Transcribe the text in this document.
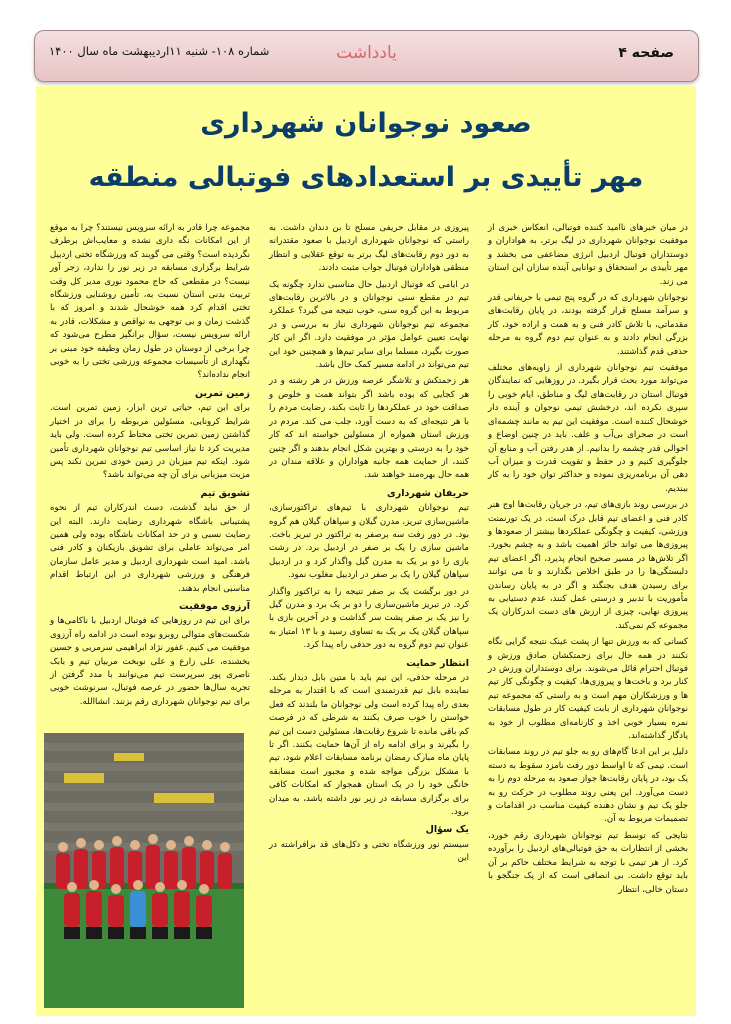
صفحه ۴
یادداشت
شماره ۱۰۸- شنبه ۱۱اردیبهشت ماه سال ۱۴۰۰
صعود نوجوانان شهرداری
مهر تأییدی بر استعدادهای فوتبالی منطقه

در میان خبرهای ناامید کننده فوتبالی، انعکاس خبری از موفقیت نوجوانان شهرداری در لیگ برتر، به هواداران و دوستداران فوتبال اردبیل انرژی مضاعفی می بخشد و مهر تأییدی بر استحقاق و توانایی آینده سازان این استان می زند.

نوجوانان شهرداری که در گروه پنج تیمی با حریفانی قدر و سرآمد مسلح قرار گرفته بودند، در پایان رقابت‌های مقدماتی، با تلاش کادر فنی و به همت و اراده خود، کار بزرگی انجام دادند و به عنوان تیم دوم گروه به مرحله حذفی قدم گذاشتند.

موفقیت تیم نوجوانان شهرداری از زاویه‌های مختلف می‌تواند مورد بحث قرار بگیرد. در روزهایی که نمایندگان فوتبال استان در رقابت‌های لیگ و مناطق، ایام خوبی را سپری نکرده اند، درخشش تیمی نوجوان و آینده دار خوشحال کننده است. موفقیت این تیم به مانند چشمه‌ای است در صحرای بی‌آب و علف. باید در چنین اوضاع و احوالی قدر چشمه را بدانیم. از هدر رفتن آب و منابع آن جلوگیری کنیم و در حفظ و تقویت قدرت و میزان آب دهی آن برنامه‌ریزی نموده و حداکثر توان خود را به کار ببندیم.

در بررسی روند بازی‌های تیم، در جریان رقابت‌ها اوج هنر کادر فنی و اعضای تیم قابل درک است. در یک تورنمنت ورزشی، کیفیت و چگونگی عملکردها بیشتر از صعودها و پیروزی‌ها می تواند حائز اهمیت باشد و به چشم بخورد. اگر تلاش‌ها در مسیر صحیح انجام پذیرد، اگر اعضای تیم دلبستگی‌ها را در طبق اخلاص بگذارند و تا می توانند برای رسیدن هدف بجنگند و اگر در به پایان رساندن مأموریت با تدبیر و درستی عمل کنند، عدم دستیابی به پیروزی نهایی، چیزی از ارزش های دست اندرکاران یک مجموعه کم نمی‌کند.

کسانی که به ورزش تنها از پشت عینک نتیجه گرایی نگاه نکنند در همه حال برای زحمتکشان صادق ورزش و فوتبال احترام قائل می‌شوند. برای دوستداران ورزش در کنار برد و باخت‌ها و پیروزی‌ها، کیفیت و چگونگی کار تیم ها و ورزشکاران مهم است و به راستی که مجموعه تیم نوجوانان شهرداری از بابت کیفیت کار در طول مسابقات نمره بسیار خوبی اخذ و کارنامه‌ای مطلوب از خود به یادگار گذاشته‌اند.

دلیل بر این ادعا گام‌های رو به جلو تیم در روند مسابقات است. تیمی که تا اواسط دور رفت نامزد سقوط به دسته یک بود، در پایان رقابت‌ها جواز صعود به مرحله دوم را به دست می‌آورد. این یعنی روند مطلوب در حرکت رو به جلو یک تیم و نشان دهنده کیفیت مناسب در اقدامات و تصمیمات مربوط به آن.

نتایجی که توسط تیم نوجوانان شهرداری رقم خورد، بخشی از انتظارات به حق فوتبالی‌های اردبیل را برآورده کرد. از هر تیمی با توجه به شرایط مختلف حاکم بر آن باید توقع داشت. بی انصافی است که از یک جنگجو با دستان خالی، انتظار

پیروزی در مقابل حریفی مسلح تا بن دندان داشت. به راستی که نوجوانان شهرداری اردبیل با صعود مقتدرانه به دور دوم رقابت‌های لیگ برتر به توقع عقلایی و انتظار منطقی هواداران فوتبال جواب مثبت دادند.

در ایامی که فوتبال اردبیل حال مناسبی ندارد چگونه یک تیم در مقطع سنی نوجوانان و در بالاترین رقابت‌های مربوط به این گروه سنی، خوب نتیجه می گیرد؟ عملکرد مجموعه تیم نوجوانان شهرداری نیاز به بررسی و در نهایت تعیین عوامل مؤثر در موفقیت دارد. اگر این کار صورت بگیرد، مسلما برای سایر تیم‌ها و همچنین خود این تیم می‌تواند در ادامه مسیر کمک حال باشد.

هر زحمتکش و تلاشگر عرصه ورزش در هر رشته و در هر کجایی که بوده باشد اگر بتواند همت و خلوص و صداقت خود در عملکردها را ثابت بکند، رضایت مردم را با هر نتیجه‌ای که به دست آورد، جلب می کند. مردم در ورزش استان همواره از مسئولین خواسته اند که کار خود را به درستی و بهترین شکل انجام بدهند و اگر چنین کنند، از حمایت همه جانبه هواداران و علاقه مندان در همه حال بهره‌مند خواهند شد.

حریفان شهرداری

تیم نوجوانان شهرداری با تیم‌های تراکتورسازی، ماشین‌سازی تبریز، مدرن گیلان و سپاهان گیلان هم گروه بود. در دور رفت سه برصفر به تراکتور در تبریز باخت. ماشین سازی را یک بر صفر در اردبیل برد. در رشت بازی را دو بر یک به مدرن گیل واگذار کرد و در اردبیل سپاهان گیلان را یک بر صفر در اردبیل مغلوب نمود.

در دور برگشت یک بر صفر نتیجه را به تراکتور واگذار کرد. در تبریز ماشین‌سازی را دو بر یک برد و مدرن گیل را نیز یک بر صفر پشت سر گذاشت و در آخرین بازی با سپاهان گیلان یک بر یک به تساوی رسید و با ۱۳ امتیاز به عنوان تیم دوم گروه به دور حذفی راه پیدا کرد.

انتظار حمایت

در مرحله حذفی، این تیم باید با متین بابل دیدار بکند. نماینده بابل تیم قدرتمندی است که با اقتدار به مرحله بعدی راه پیدا کرده است ولی نوجوانان ما بلندند که فعل خواستن را خوب صرف بکنند به شرطی که در فرصت کم باقی مانده تا شروع رقابت‌ها، مسئولین دست این تیم را بگیرند و برای ادامه راه از آن‌ها حمایت بکنند. اگر تا پایان ماه مبارک رمضان برنامه مسابقات اعلام شود، تیم با مشکل بزرگی مواجه شده و مجبور است مسابقه خانگی خود را در یک استان همجوار که امکانات کافی برای برگزاری مسابقه در زیر نور داشته باشد، به میدان برود.

یک سؤال

سیستم نور ورزشگاه تختی و دکل‌های قد برافراشته در این

مجموعه چرا قادر به ارائه سرویس نیستند؟ چرا به موقع از این امکانات نگه داری نشده و معایب‌اش برطرف نگردیده است؟ وقتی می گویند که ورزشگاه تختی اردبیل شرایط برگزاری مسابقه در زیر نور را ندارد، زجر آور نیست؟ در مقطعی که حاج محمود نوری مدیر کل وقت تربیت بدنی استان نسبت به، تأمین روشنایی ورزشگاه تختی اقدام کرد همه خوشحال شدند و امروز که با گذشت زمان و بی توجهی به نواقص و مشکلات، قادر به ارائه سرویس نیست، سؤال برانگیز مطرح می‌شود که چرا برخی از دوستان در طول زمان وظیفه خود مبنی بر نگهداری از تأسیسات مجموعه ورزشی تختی را به خوبی انجام نداده‌اند؟

زمین تمرین

برای این تیم، حیاتی ترین ابزار، زمین تمرین است. شرایط کرونایی، مسئولین مربوطه را برای در اختیار گذاشتن زمین تمرین تختی محتاط کرده است. ولی باید مدیریت کرد تا نیاز اساسی تیم نوجوانان شهرداری تأمین شود. اینکه تیم میزبان در زمین خودی تمرین نکند پس مزیت میزبانی برای آن چه می‌تواند باشد؟

تشویق تیم

از حق نباید گذشت، دست اندرکاران تیم از نحوه پشتیبانی باشگاه شهرداری رضایت دارند. البته این رضایت نسبی و در حد امکانات باشگاه بوده ولی همین امر می‌تواند عاملی برای تشویق بازیکنان و کادر فنی باشد. امید است شهرداری اردبیل و مدیر عامل سازمان فرهنگی و ورزشی شهرداری در این ارتباط اقدام مناسبی انجام بدهند.

آرزوی موفقیت

برای این تیم در روزهایی که فوتبال اردبیل با ناکامی‌ها و شکست‌های متوالی روبرو بوده است در ادامه راه آرزوی موفقیت می کنیم. غفور نژاد ابراهیمی سرمربی و حسین بخشنده، علی زارع و علی نوبخت مربیان تیم و بابک ناصری پور سرپرست تیم می‌توانند با مدد گرفتن از تجربه سال‌ها حضور در عرصه فوتبال، سرنوشت خوبی برای تیم نوجوانان شهرداری رقم بزنند. انشاالله.
